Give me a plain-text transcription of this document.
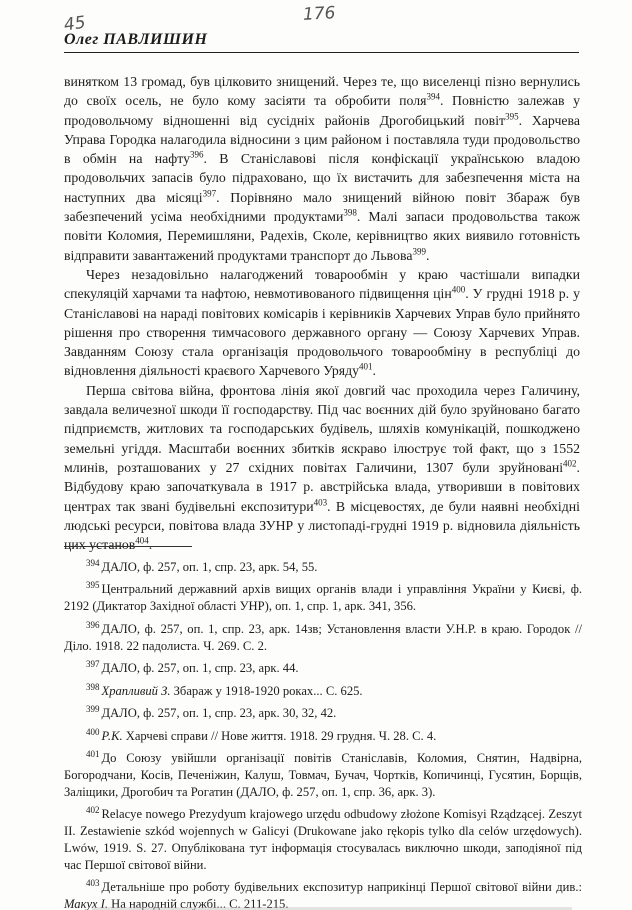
45	176
Олег ПАВЛИШИН

винятком 13 громад, був цілковито знищений. Через те, що виселенці пізно вернулись до своїх осель, не було кому засіяти та обробити поля$^{394}$. Повністю залежав у продовольчому відношенні від сусідніх районів Дрогобицький повіт$^{395}$. Харчева Управа Городка налагодила відносини з цим районом і поставляла туди продовольство в обмін на нафту$^{396}$. В Станіславові після конфіскації українською владою продовольчих запасів було підраховано, що їх вистачить для забезпечення міста на наступних два місяці$^{397}$. Порівняно мало знищений війною повіт Збараж був забезпечений усіма необхідними продуктами$^{398}$. Малі запаси продовольства також повіти Коломия, Перемишляни, Радехів, Сколе, керівництво яких виявило готовність відправити завантажений продуктами транспорт до Львова$^{399}$.

Через незадовільно налагоджений товарообмін у краю частішали випадки спекуляцій харчами та нафтою, невмотивованого підвищення цін$^{400}$. У грудні 1918 р. у Станіславові на нараді повітових комісарів і керівників Харчевих Управ було прийнято рішення про створення тимчасового державного органу — Союзу Харчевих Управ. Завданням Союзу стала організація продовольчого товарообміну в республіці до відновлення діяльності краєвого Харчевого Уряду$^{401}$.

Перша світова війна, фронтова лінія якої довгий час проходила через Галичину, завдала величезної шкоди її господарству. Під час воєнних дій було зруйновано багато підприємств, житлових та господарських будівель, шляхів комунікацій, пошкоджено земельні угіддя. Масштаби воєнних збитків яскраво ілюструє той факт, що з 1552 млинів, розташованих у 27 східних повітах Галичини, 1307 були зруйновані$^{402}$. Відбудову краю започаткувала в 1917 р. австрійська влада, утворивши в повітових центрах так звані будівельні експозитури$^{403}$. В місцевостях, де були наявні необхідні людські ресурси, повітова влада ЗУНР у листопаді-грудні 1919 р. відновила діяльність цих установ$^{404}$.

$^{394}$ ДАЛО, ф. 257, оп. 1, спр. 23, арк. 54, 55.

$^{395}$ Центральний державний архів вищих органів влади і управління України у Києві, ф. 2192 (Диктатор Західної області УНР), оп. 1, спр. 1, арк. 341, 356.

$^{396}$ ДАЛО, ф. 257, оп. 1, спр. 23, арк. 14зв; Установлення власти У.Н.Р. в краю. Городок // Діло. 1918. 22 падолиста. Ч. 269. С. 2.

$^{397}$ ДАЛО, ф. 257, оп. 1, спр. 23, арк. 44.

$^{398}$ Храпливий З. Збараж у 1918-1920 роках... С. 625.

$^{399}$ ДАЛО, ф. 257, оп. 1, спр. 23, арк. 30, 32, 42.

$^{400}$ Р.К. Харчеві справи // Нове життя. 1918. 29 грудня. Ч. 28. С. 4.

$^{401}$ До Союзу увійшли організації повітів Станіславів, Коломия, Снятин, Надвірна, Богородчани, Косів, Печеніжин, Калуш, Товмач, Бучач, Чортків, Копичинці, Гусятин, Борщів, Заліщики, Дрогобич та Рогатин (ДАЛО, ф. 257, оп. 1, спр. 36, арк. 3).

$^{402}$ Relacye nowego Prezydyum krajowego urzędu odbudowy złożone Komisyi Rządzącej. Zeszyt II. Zestawienie szkód wojennych w Galicyi (Drukowane jako rękopis tylko dla celów urzędowych). Lwów, 1919. S. 27. Опублікована тут інформація стосувалась виключно шкоди, заподіяної під час Першої світової війни.

$^{403}$ Детальніше про роботу будівельних експозитур наприкінці Першої світової війни див.: Макух І. На народній службі... С. 211-215.
